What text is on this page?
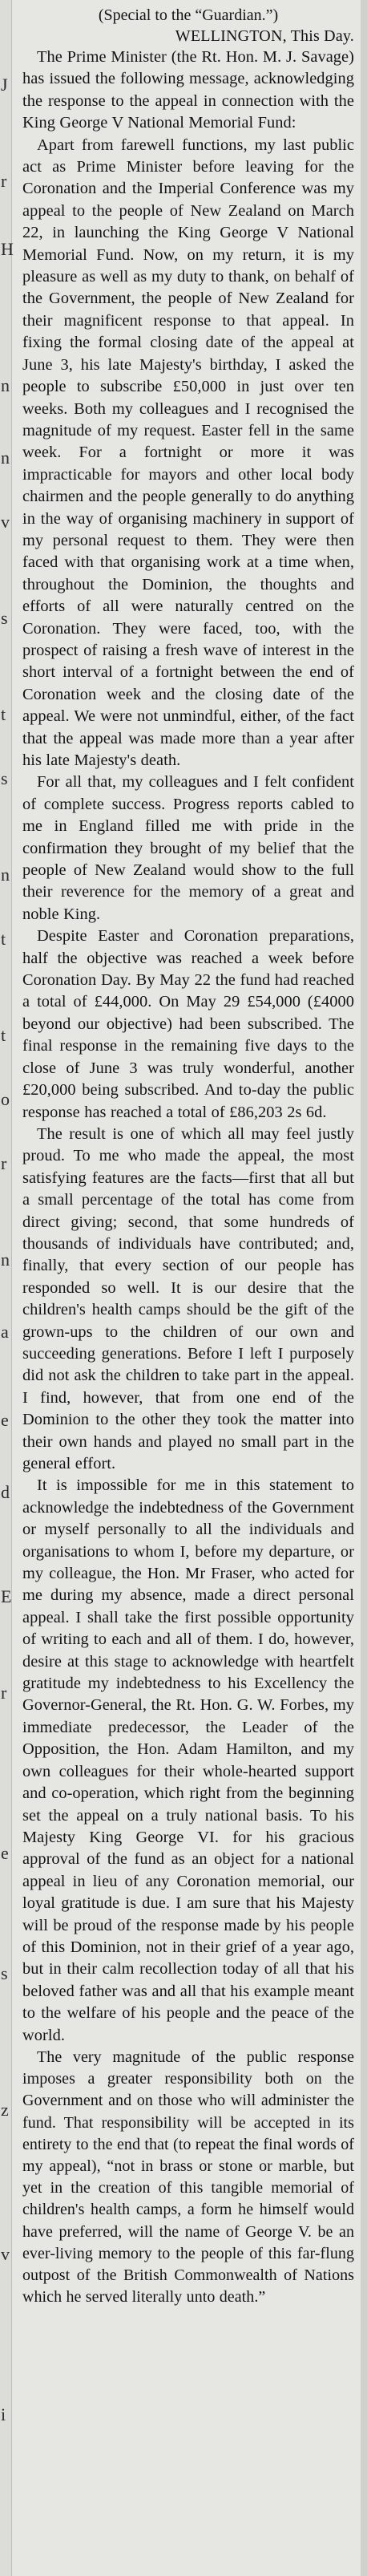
J
r
H
n
n
v
s
t
s
n
t
t
o
r
n
a
e
d
E
r
e
s
z
v
i

(Special to the “Guardian.”)

WELLINGTON, This Day.

The Prime Minister (the Rt. Hon. M. J. Savage) has issued the following message, acknowledging the response to the appeal in connection with the King George V National Memorial Fund:

Apart from farewell functions, my last public act as Prime Minister before leaving for the Coronation and the Imperial Conference was my appeal to the people of New Zealand on March 22, in launching the King George V National Memorial Fund. Now, on my return, it is my pleasure as well as my duty to thank, on behalf of the Government, the people of New Zealand for their magnificent response to that appeal. In fixing the formal closing date of the appeal at June 3, his late Majesty's birthday, I asked the people to subscribe £50,000 in just over ten weeks. Both my colleagues and I recognised the magnitude of my request. Easter fell in the same week. For a fortnight or more it was impracticable for mayors and other local body chairmen and the people generally to do anything in the way of organising machinery in support of my personal request to them. They were then faced with that organising work at a time when, throughout the Dominion, the thoughts and efforts of all were naturally centred on the Coronation. They were faced, too, with the prospect of raising a fresh wave of interest in the short interval of a fortnight between the end of Coronation week and the closing date of the appeal. We were not unmindful, either, of the fact that the appeal was made more than a year after his late Majesty's death.

For all that, my colleagues and I felt confident of complete success. Progress reports cabled to me in England filled me with pride in the confirmation they brought of my belief that the people of New Zealand would show to the full their reverence for the memory of a great and noble King.

Despite Easter and Coronation preparations, half the objective was reached a week before Coronation Day. By May 22 the fund had reached a total of £44,000. On May 29 £54,000 (£4000 beyond our objective) had been subscribed. The final response in the remaining five days to the close of June 3 was truly wonderful, another £20,000 being subscribed. And to-day the public response has reached a total of £86,203 2s 6d.

The result is one of which all may feel justly proud. To me who made the appeal, the most satisfying features are the facts—first that all but a small percentage of the total has come from direct giving; second, that some hundreds of thousands of individuals have contributed; and, finally, that every section of our people has responded so well. It is our desire that the children's health camps should be the gift of the grown-ups to the children of our own and succeeding generations. Before I left I purposely did not ask the children to take part in the appeal. I find, however, that from one end of the Dominion to the other they took the matter into their own hands and played no small part in the general effort.

It is impossible for me in this statement to acknowledge the indebtedness of the Government or myself personally to all the individuals and organisations to whom I, before my departure, or my colleague, the Hon. Mr Fraser, who acted for me during my absence, made a direct personal appeal. I shall take the first possible opportunity of writing to each and all of them. I do, however, desire at this stage to acknowledge with heartfelt gratitude my indebtedness to his Excellency the Governor-General, the Rt. Hon. G. W. Forbes, my immediate predecessor, the Leader of the Opposition, the Hon. Adam Hamilton, and my own colleagues for their whole-hearted support and co-operation, which right from the beginning set the appeal on a truly national basis. To his Majesty King George VI. for his gracious approval of the fund as an object for a national appeal in lieu of any Coronation memorial, our loyal gratitude is due. I am sure that his Majesty will be proud of the response made by his people of this Dominion, not in their grief of a year ago, but in their calm recollection today of all that his beloved father was and all that his example meant to the welfare of his people and the peace of the world.

The very magnitude of the public response imposes a greater responsibility both on the Government and on those who will administer the fund. That responsibility will be accepted in its entirety to the end that (to repeat the final words of my appeal), “not in brass or stone or marble, but yet in the creation of this tangible memorial of children's health camps, a form he himself would have preferred, will the name of George V. be an ever-living memory to the people of this far-flung outpost of the British Commonwealth of Nations which he served literally unto death.”
